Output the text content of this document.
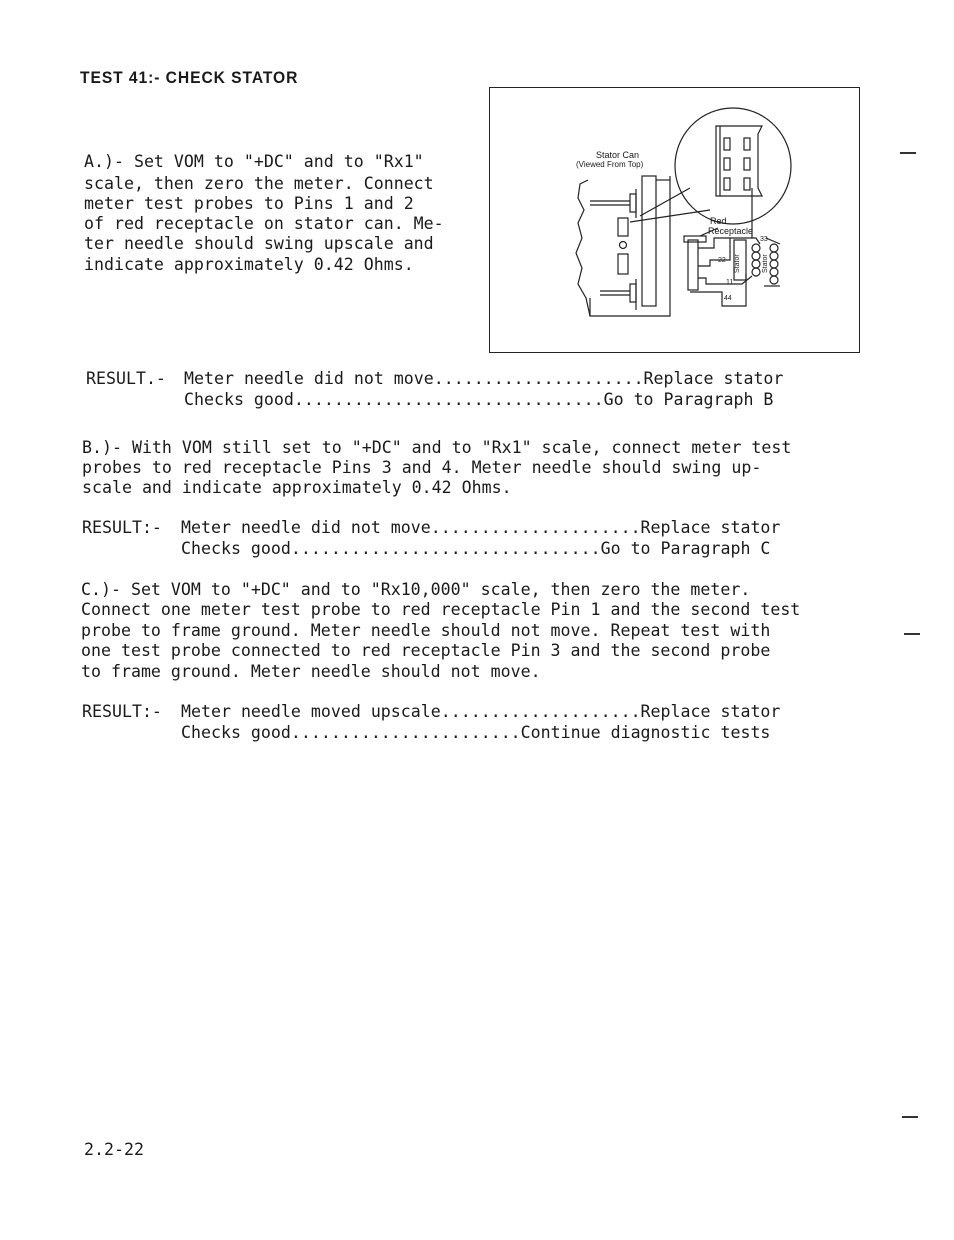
TEST 41:- CHECK STATOR
A.)- Set VOM to "+DC" and to "Rx1"
scale, then zero the meter. Connect
meter test probes to Pins 1 and 2
of red receptacle on stator can. Me-
ter needle should swing upscale and
indicate approximately 0.42 Ohms.
Stator Can
(Viewed From Top)
Red
Receptacle
Stator	Stator
33
22
11
44
RESULT.- Meter needle did not move.....................Replace stator
Checks good...............................Go to Paragraph B
B.)- With VOM still set to "+DC" and to "Rx1" scale, connect meter test
probes to red receptacle Pins 3 and 4. Meter needle should swing up-
scale and indicate approximately 0.42 Ohms.
RESULT:- Meter needle did not move.....................Replace stator
Checks good...............................Go to Paragraph C
C.)- Set VOM to "+DC" and to "Rx10,000" scale, then zero the meter.
Connect one meter test probe to red receptacle Pin 1 and the second test
probe to frame ground. Meter needle should not move. Repeat test with
one test probe connected to red receptacle Pin 3 and the second probe
to frame ground. Meter needle should not move.
RESULT:- Meter needle moved upscale....................Replace stator
Checks good.......................Continue diagnostic tests
2.2-22
